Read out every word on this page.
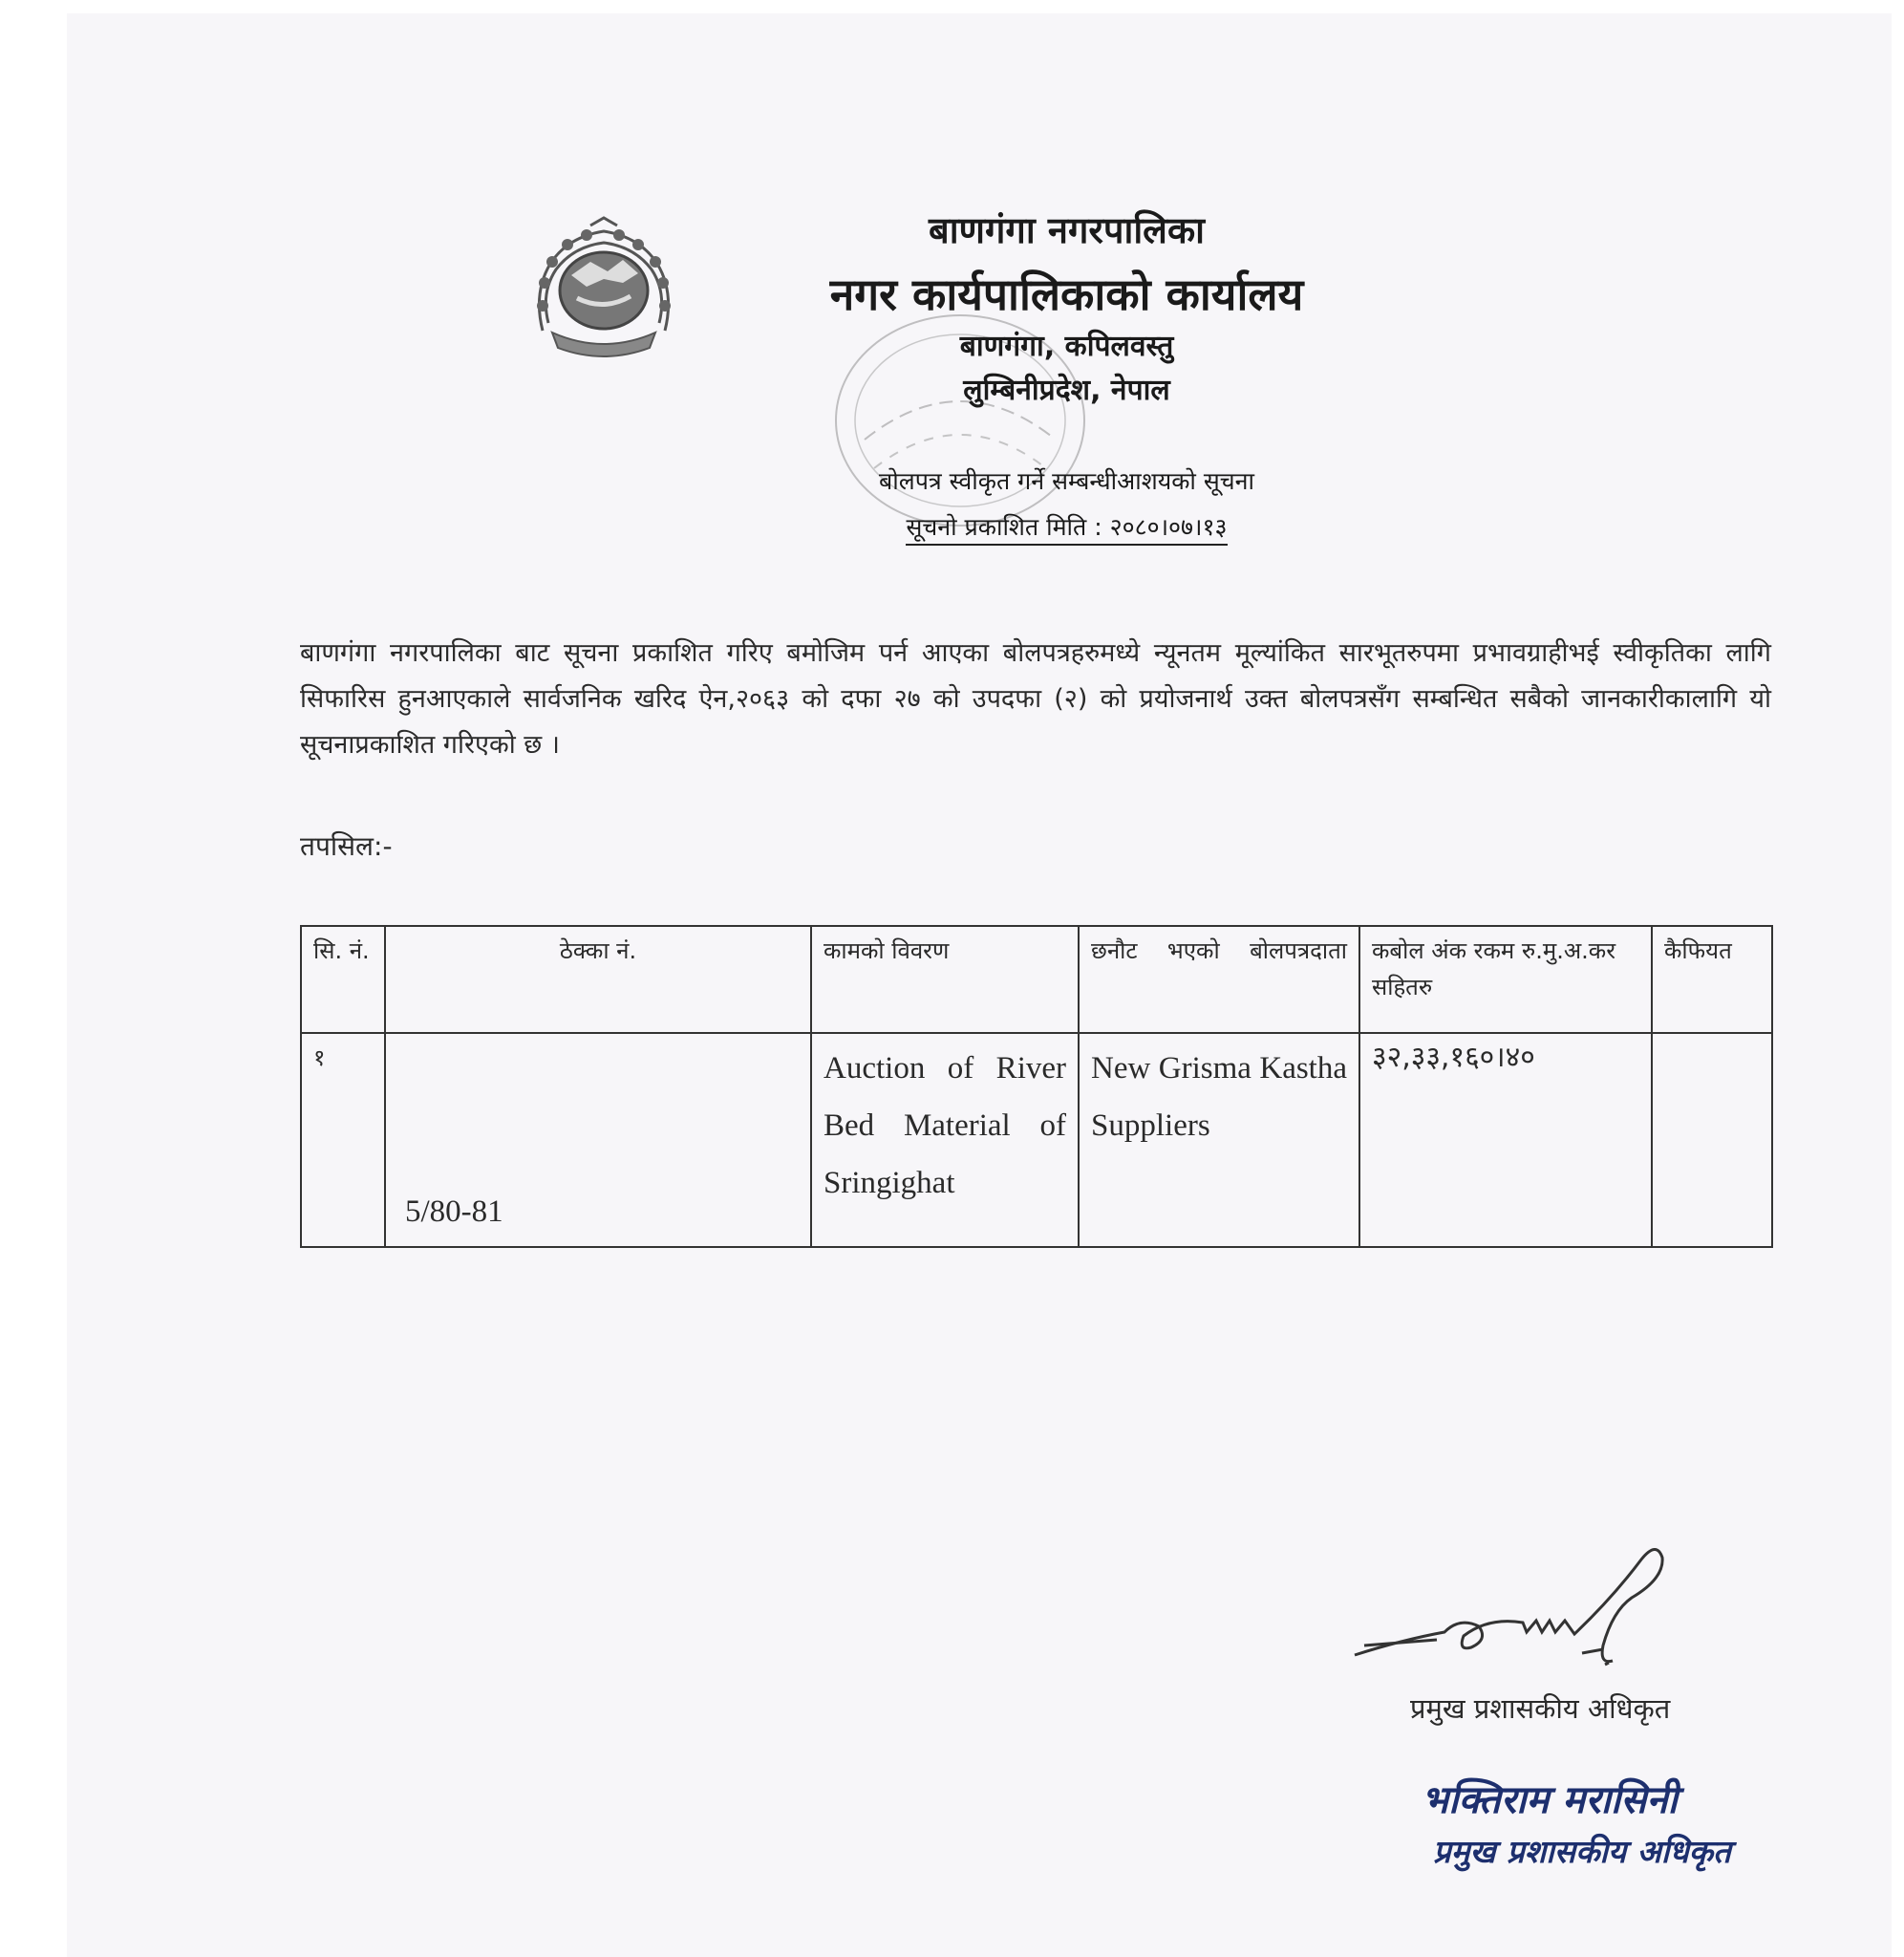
बाणगंगा नगरपालिका
नगर कार्यपालिकाको कार्यालय
बाणगंगा, कपिलवस्तु
लुम्बिनीप्रदेश, नेपाल
बोलपत्र स्वीकृत गर्ने सम्बन्धीआशयको सूचना
सूचनो प्रकाशित मिति : २०८०।०७।१३
बाणगंगा नगरपालिका बाट सूचना प्रकाशित गरिए बमोजिम पर्न आएका बोलपत्रहरुमध्ये न्यूनतम मूल्यांकित सारभूतरुपमा प्रभावग्राहीभई स्वीकृतिका लागि सिफारिस हुनआएकाले सार्वजनिक खरिद ऐन,२०६३ को दफा २७ को उपदफा (२) को प्रयोजनार्थ उक्त बोलपत्रसँग सम्बन्धित सबैको जानकारीकालागि यो सूचनाप्रकाशित गरिएको छ ।
तपसिल:-
सि. नं.	ठेक्का नं.	कामको विवरण	छनौट भएको बोलपत्रदाता	कबोल अंक रकम रु.मु.अ.कर सहितरु	कैफियत
१	5/80-81	Auction of River Bed Material of Sringighat	New Grisma Kastha Suppliers	३२,३३,१६०।४०	
प्रमुख प्रशासकीय अधिकृत
भक्तिराम मरासिनी
प्रमुख प्रशासकीय अधिकृत
